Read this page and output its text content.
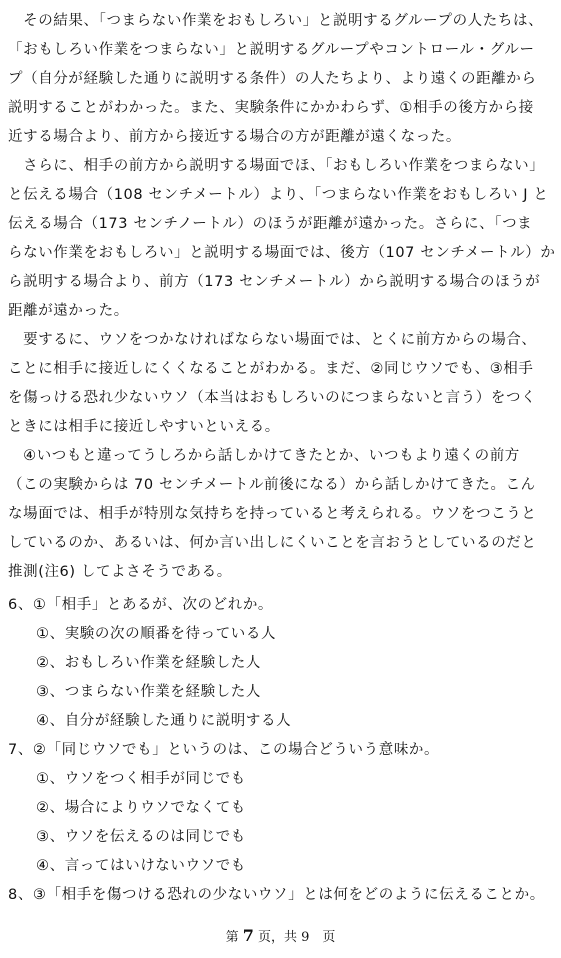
　その結果、「つまらない作業をおもしろい」と説明するグループの人たちは、
「おもしろい作業をつまらない」と説明するグループやコントロール・グルー
プ（自分が経験した通りに説明する条件）の人たちより、より遠くの距離から
説明することがわかった。また、実験条件にかかわらず、①相手の後方から接
近する場合より、前方から接近する場合の方が距離が遠くなった。
　さらに、相手の前方から説明する場面でほ、「おもしろい作業をつまらない」
と伝える場合（108 センチメートル）より、「つまらない作業をおもしろい J と
伝える場合（173 センチノートル）のほうが距離が遠かった。さらに、「つま
らない作業をおもしろい」と説明する場面では、後方（107 センチメートル）か
ら説明する場合より、前方（173 センチメートル）から説明する場合のほうが
距離が遠かった。
　要するに、ウソをつかなければならない場面では、とくに前方からの場合、
ことに相手に接近しにくくなることがわかる。まだ、②同じウソでも、③相手
を傷っける恐れ少ないウソ（本当はおもしろいのにつまらないと言う）をつく
ときには相手に接近しやすいといえる。
　④いつもと違ってうしろから話しかけてきたとか、いつもより遠くの前方
（この実験からは 70 センチメートル前後になる）から話しかけてきた。こん
な場面では、相手が特別な気持ちを持っていると考えられる。ウソをつこうと
しているのか、あるいは、何か言い出しにくいことを言おうとしているのだと
推測(注6) してよさそうである。
6、①「相手」とあるが、次のどれか。
①、実験の次の順番を待っている人
②、おもしろい作業を経験した人
③、つまらない作業を経験した人
④、自分が経験した通りに説明する人
7、②「同じウソでも」というのは、この場合どういう意味か。
①、ウソをつく相手が同じでも
②、場合によりウソでなくても
③、ウソを伝えるのは同じでも
④、言ってはいけないウソでも
8、③「相手を傷つける恐れの少ないウソ」とは何をどのように伝えることか。
第 7 页，共 9　页
